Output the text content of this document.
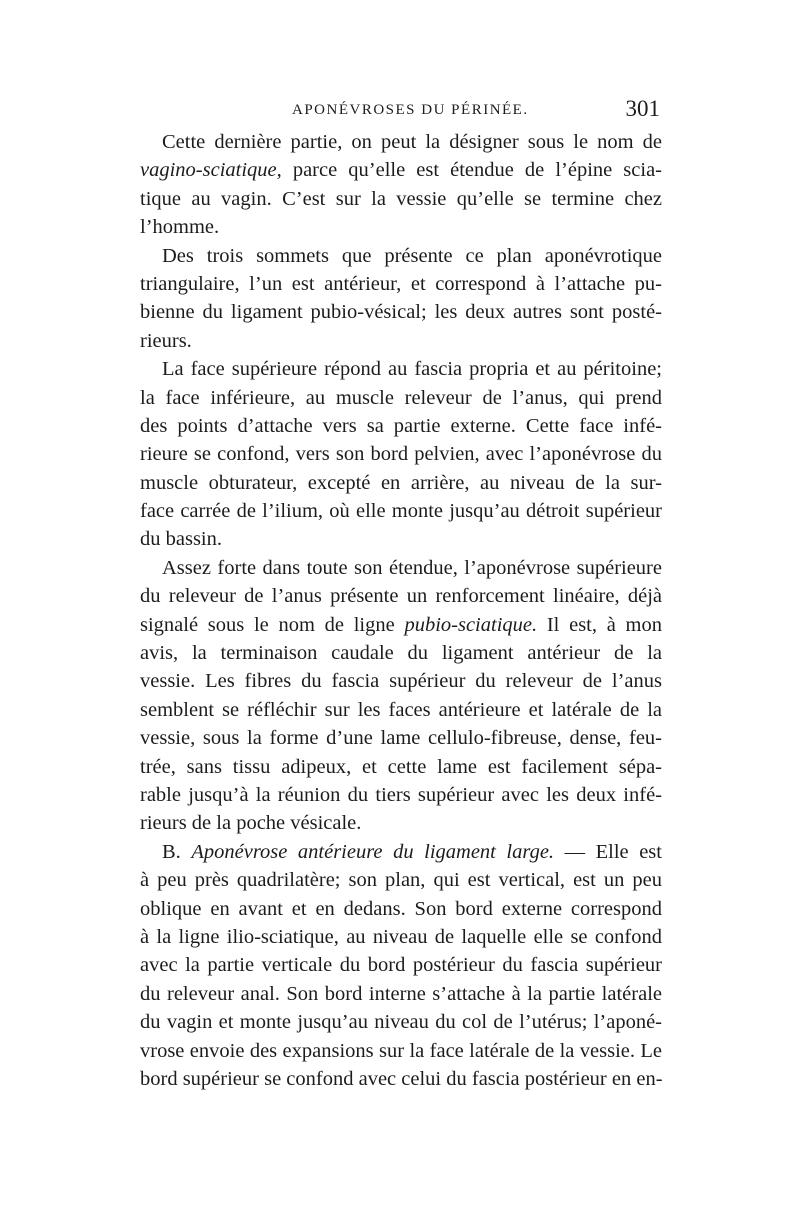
APONÉVROSES DU PÉRINÉE.	301
Cette dernière partie, on peut la désigner sous le nom de
vagino-sciatique, parce qu’elle est étendue de l’épine scia-
tique au vagin. C’est sur la vessie qu’elle se termine chez
l’homme.
Des trois sommets que présente ce plan aponévrotique
triangulaire, l’un est antérieur, et correspond à l’attache pu-
bienne du ligament pubio-vésical; les deux autres sont posté-
rieurs.
La face supérieure répond au fascia propria et au péritoine;
la face inférieure, au muscle releveur de l’anus, qui prend
des points d’attache vers sa partie externe. Cette face infé-
rieure se confond, vers son bord pelvien, avec l’aponévrose du
muscle obturateur, excepté en arrière, au niveau de la sur-
face carrée de l’ilium, où elle monte jusqu’au détroit supérieur
du bassin.
Assez forte dans toute son étendue, l’aponévrose supérieure
du releveur de l’anus présente un renforcement linéaire, déjà
signalé sous le nom de ligne pubio-sciatique. Il est, à mon
avis, la terminaison caudale du ligament antérieur de la
vessie. Les fibres du fascia supérieur du releveur de l’anus
semblent se réfléchir sur les faces antérieure et latérale de la
vessie, sous la forme d’une lame cellulo-fibreuse, dense, feu-
trée, sans tissu adipeux, et cette lame est facilement sépa-
rable jusqu’à la réunion du tiers supérieur avec les deux infé-
rieurs de la poche vésicale.
B. Aponévrose antérieure du ligament large. — Elle est
à peu près quadrilatère; son plan, qui est vertical, est un peu
oblique en avant et en dedans. Son bord externe correspond
à la ligne ilio-sciatique, au niveau de laquelle elle se confond
avec la partie verticale du bord postérieur du fascia supérieur
du releveur anal. Son bord interne s’attache à la partie latérale
du vagin et monte jusqu’au niveau du col de l’utérus; l’aponé-
vrose envoie des expansions sur la face latérale de la vessie. Le
bord supérieur se confond avec celui du fascia postérieur en en-
